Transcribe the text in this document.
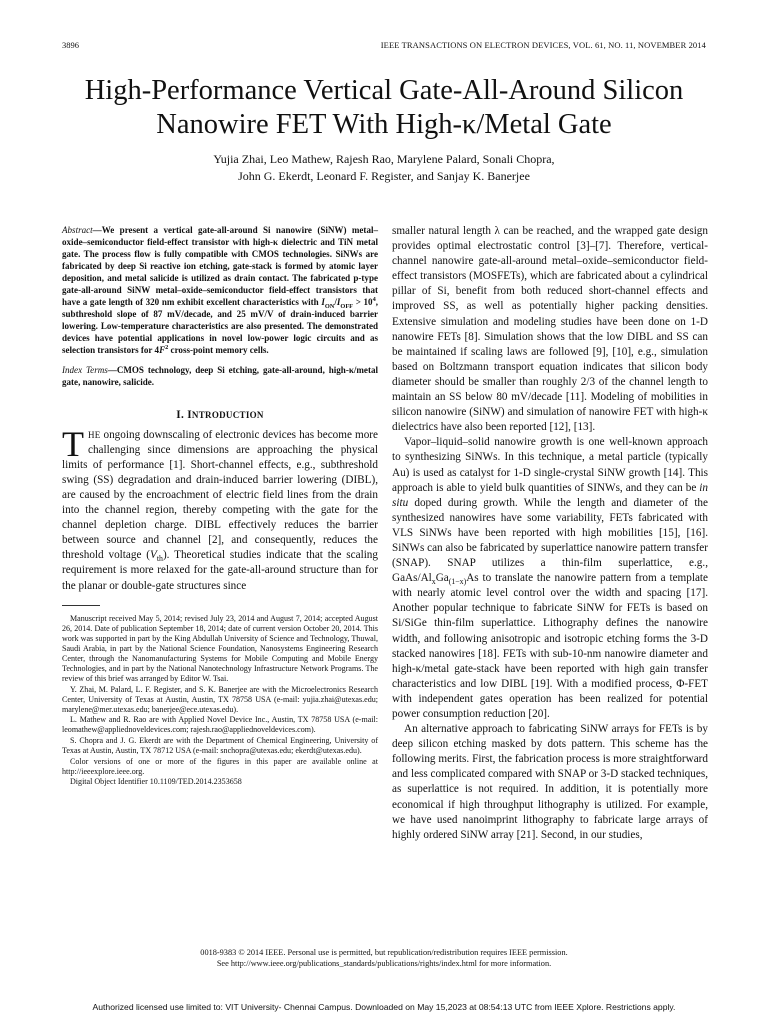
3896	IEEE TRANSACTIONS ON ELECTRON DEVICES, VOL. 61, NO. 11, NOVEMBER 2014
High-Performance Vertical Gate-All-Around Silicon
Nanowire FET With High-κ/Metal Gate
Yujia Zhai, Leo Mathew, Rajesh Rao, Marylene Palard, Sonali Chopra,
John G. Ekerdt, Leonard F. Register, and Sanjay K. Banerjee

Abstract—We present a vertical gate-all-around Si nanowire (SiNW) metal–oxide–semiconductor field-effect transistor with high-κ dielectric and TiN metal gate. The process flow is fully compatible with CMOS technologies. SiNWs are fabricated by deep Si reactive ion etching, gate-stack is formed by atomic layer deposition, and metal salicide is utilized as drain contact. The fabricated p-type gate-all-around SiNW metal–oxide–semiconductor field-effect transistors that have a gate length of 320 nm exhibit excellent characteristics with $I_{ON}/I_{OFF} > 10^4$, subthreshold slope of 87 mV/decade, and 25 mV/V of drain-induced barrier lowering. Low-temperature characteristics are also presented. The demonstrated devices have potential applications in novel low-power logic circuits and as selection transistors for $4F^2$ cross-point memory cells.

Index Terms—CMOS technology, deep Si etching, gate-all-around, high-κ/metal gate, nanowire, salicide.

I. INTRODUCTION

THE ongoing downscaling of electronic devices has become more challenging since dimensions are approaching the physical limits of performance [1]. Short-channel effects, e.g., subthreshold swing (SS) degradation and drain-induced barrier lowering (DIBL), are caused by the encroachment of electric field lines from the drain into the channel region, thereby competing with the gate for the channel depletion charge. DIBL effectively reduces the barrier between source and channel [2], and consequently, reduces the threshold voltage $(V_{th})$. Theoretical studies indicate that the scaling requirement is more relaxed for the gate-all-around structure than for the planar or double-gate structures since

Manuscript received May 5, 2014; revised July 23, 2014 and August 7, 2014; accepted August 26, 2014. Date of publication September 18, 2014; date of current version October 20, 2014. This work was supported in part by the King Abdullah University of Science and Technology, Thuwal, Saudi Arabia, in part by the National Science Foundation, Nanosystems Engineering Research Center, through the Nanomanufacturing Systems for Mobile Computing and Mobile Energy Technologies, and in part by the National Nanotechnology Infrastructure Network Programs. The review of this brief was arranged by Editor W. Tsai.

Y. Zhai, M. Palard, L. F. Register, and S. K. Banerjee are with the Microelectronics Research Center, University of Texas at Austin, Austin, TX 78758 USA (e-mail: yujia.zhai@utexas.edu; marylene@mer.utexas.edu; banerjee@ece.utexas.edu).

L. Mathew and R. Rao are with Applied Novel Device Inc., Austin, TX 78758 USA (e-mail: leomathew@appliednoveldevices.com; rajesh.rao@appliednoveldevices.com).

S. Chopra and J. G. Ekerdt are with the Department of Chemical Engineering, University of Texas at Austin, Austin, TX 78712 USA (e-mail: snchopra@utexas.edu; ekerdt@utexas.edu).

Color versions of one or more of the figures in this paper are available online at http://ieeexplore.ieee.org.

Digital Object Identifier 10.1109/TED.2014.2353658

smaller natural length λ can be reached, and the wrapped gate design provides optimal electrostatic control [3]–[7]. Therefore, vertical-channel nanowire gate-all-around metal–oxide–semiconductor field-effect transistors (MOSFETs), which are fabricated about a cylindrical pillar of Si, benefit from both reduced short-channel effects and improved SS, as well as potentially higher packing densities. Extensive simulation and modeling studies have been done on 1-D nanowire FETs [8]. Simulation shows that the low DIBL and SS can be maintained if scaling laws are followed [9], [10], e.g., simulation based on Boltzmann transport equation indicates that silicon body diameter should be smaller than roughly 2/3 of the channel length to maintain an SS below 80 mV/decade [11]. Modeling of mobilities in silicon nanowire (SiNW) and simulation of nanowire FET with high-κ dielectrics have also been reported [12], [13].

Vapor–liquid–solid nanowire growth is one well-known approach to synthesizing SiNWs. In this technique, a metal particle (typically Au) is used as catalyst for 1-D single-crystal SiNW growth [14]. This approach is able to yield bulk quantities of SINWs, and they can be in situ doped during growth. While the length and diameter of the synthesized nanowires have some variability, FETs fabricated with VLS SiNWs have been reported with high mobilities [15], [16]. SiNWs can also be fabricated by superlattice nanowire pattern transfer (SNAP). SNAP utilizes a thin-film superlattice, e.g., GaAs/$Al_xGa_{(1-x)}As$ to translate the nanowire pattern from a template with nearly atomic level control over the width and spacing [17]. Another popular technique to fabricate SiNW for FETs is based on Si/SiGe thin-film superlattice. Lithography defines the nanowire width, and following anisotropic and isotropic etching forms the 3-D stacked nanowires [18]. FETs with sub-10-nm nanowire diameter and high-κ/metal gate-stack have been reported with high gain transfer characteristics and low DIBL [19]. With a modified process, Φ-FET with independent gates operation has been realized for potential power consumption reduction [20].

An alternative approach to fabricating SiNW arrays for FETs is by deep silicon etching masked by dots pattern. This scheme has the following merits. First, the fabrication process is more straightforward and less complicated compared with SNAP or 3-D stacked techniques, as superlattice is not required. In addition, it is potentially more economical if high throughput lithography is utilized. For example, we have used nanoimprint lithography to fabricate large arrays of highly ordered SiNW array [21]. Second, in our studies,

0018-9383 © 2014 IEEE. Personal use is permitted, but republication/redistribution requires IEEE permission.
See http://www.ieee.org/publications_standards/publications/rights/index.html for more information.
Authorized licensed use limited to: VIT University- Chennai Campus. Downloaded on May 15,2023 at 08:54:13 UTC from IEEE Xplore. Restrictions apply.
